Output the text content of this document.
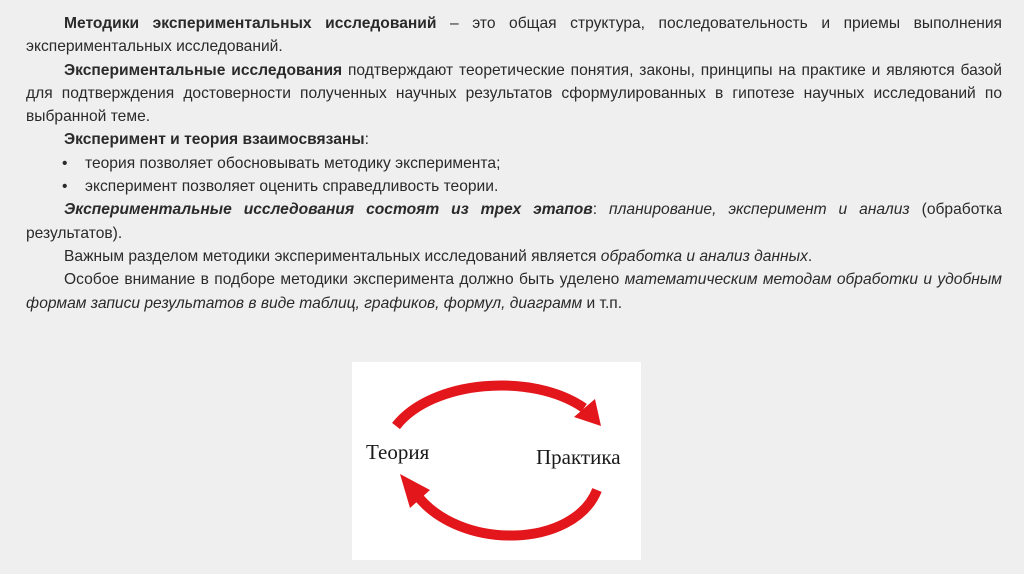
Методики экспериментальных исследований – это общая структура, последовательность и приемы выполнения экспериментальных исследований.

Экспериментальные исследования подтверждают теоретические понятия, законы, принципы на практике и являются базой для подтверждения достоверности полученных научных результатов сформулированных в гипотезе научных исследований по выбранной теме.

Эксперимент и теория взаимосвязаны:

• теория позволяет обосновывать методику эксперимента;

• эксперимент позволяет оценить справедливость теории.

Экспериментальные исследования состоят из трех этапов: планирование, эксперимент и анализ (обработка результатов).

Важным разделом методики экспериментальных исследований является обработка и анализ данных.

Особое внимание в подборе методики эксперимента должно быть уделено математическим методам обработки и удобным формам записи результатов в виде таблиц, графиков, формул, диаграмм и т.п.

Теория	Практика
